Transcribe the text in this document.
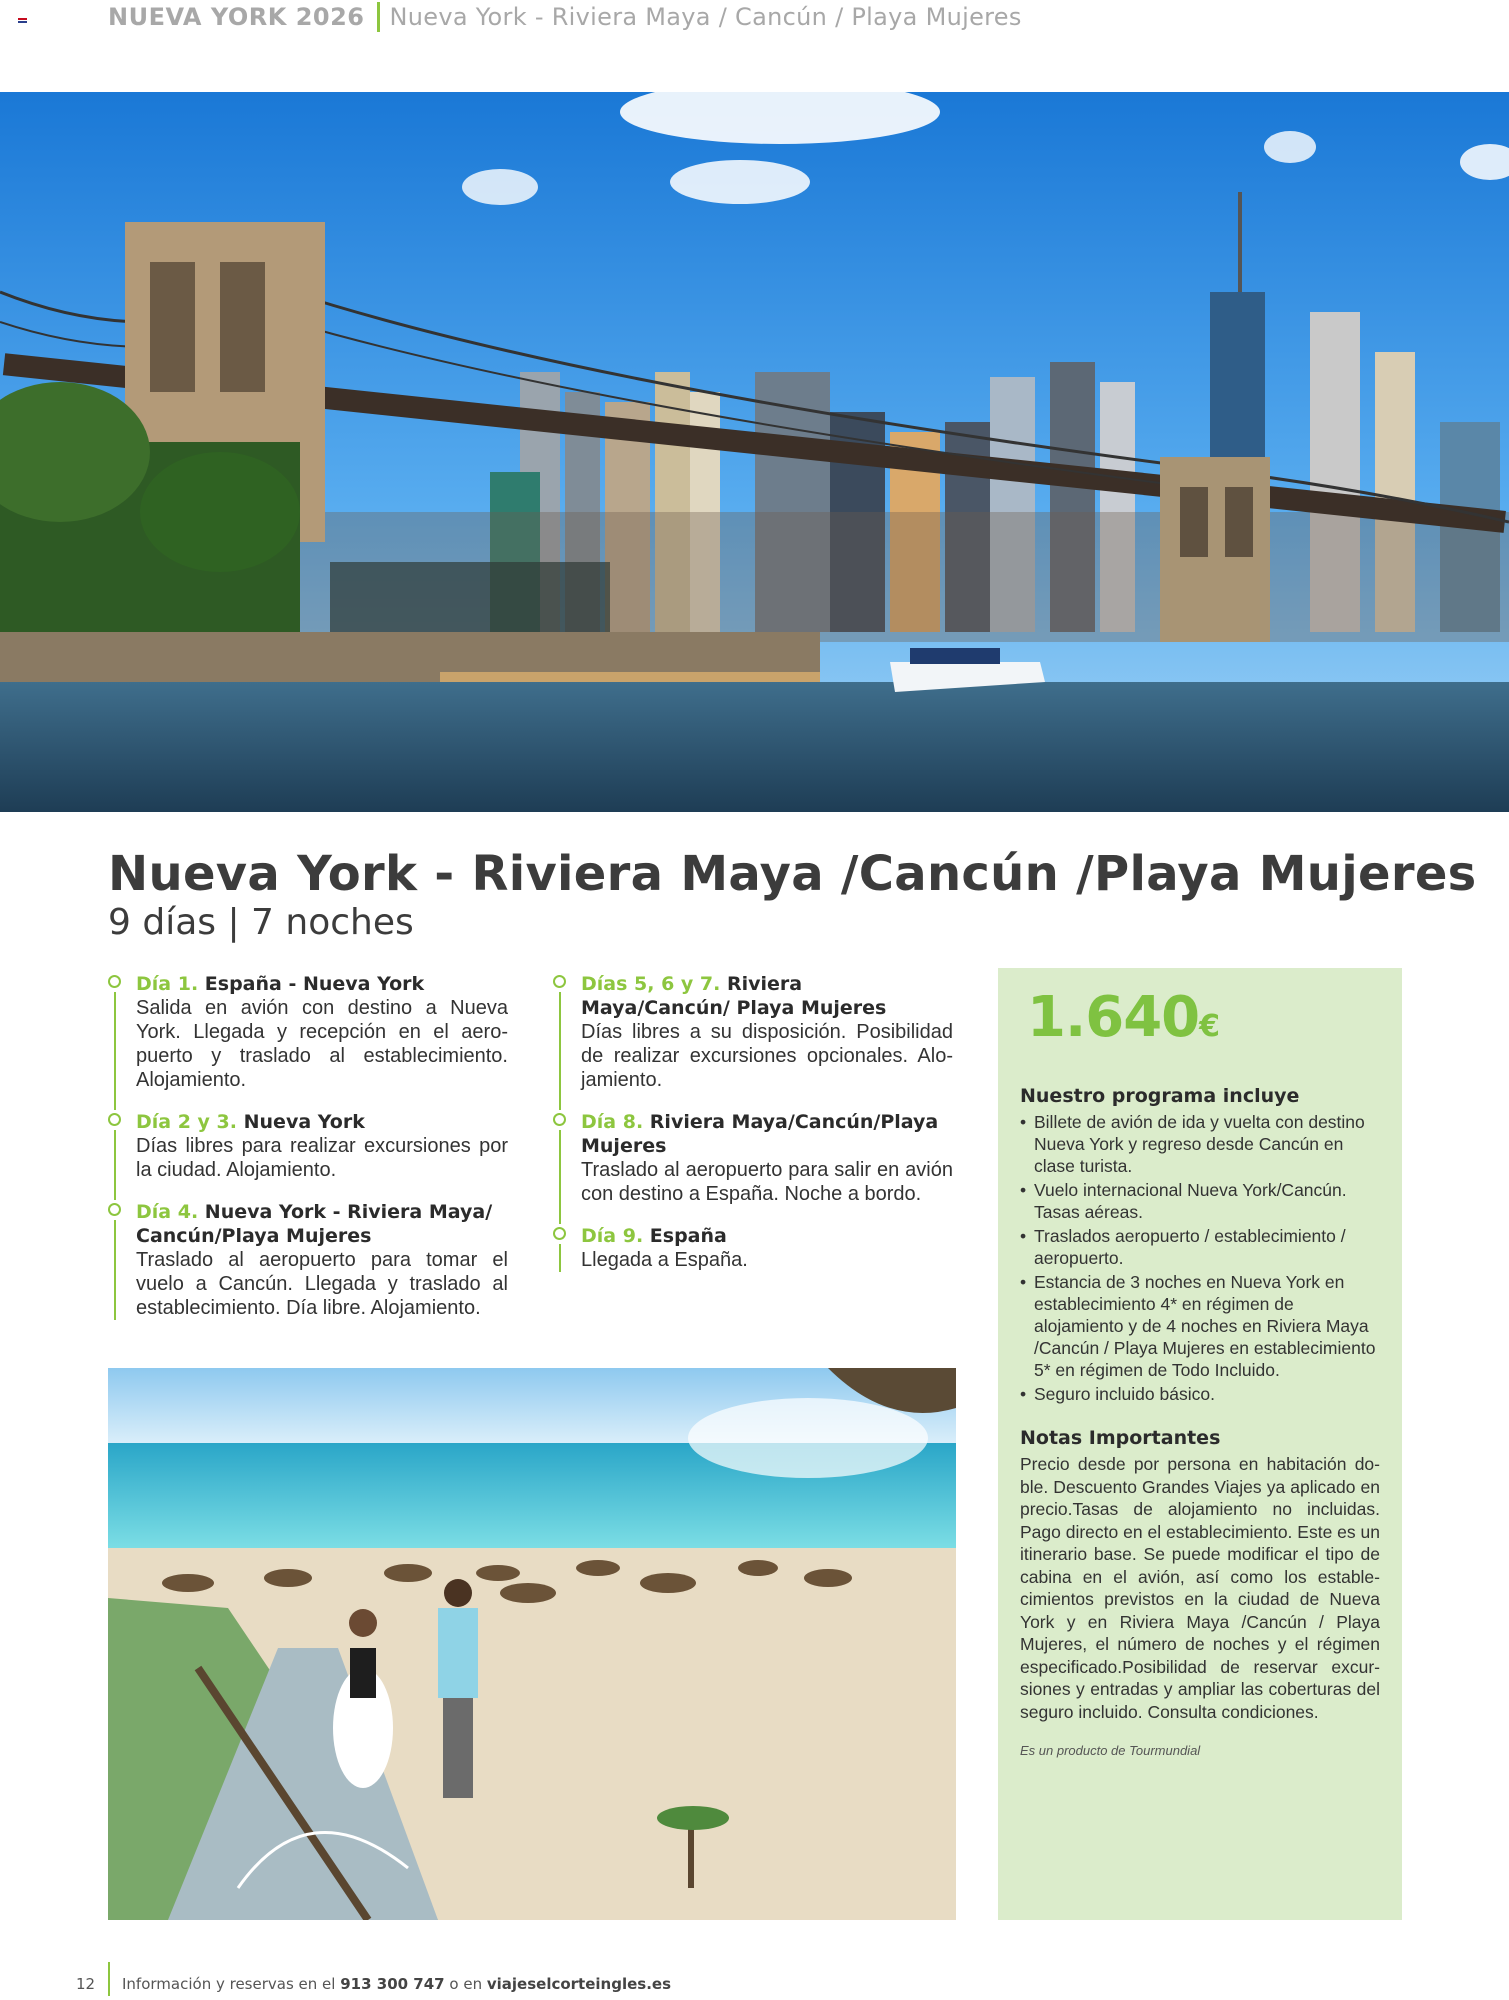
NUEVA YORK 2026 Nueva York - Riviera Maya / Cancún / Playa Mujeres
Nueva York - Riviera Maya /Cancún /Playa Mujeres
9 días | 7 noches
Día 1. España - Nueva York
Salida en avión con destino a Nueva York. Llegada y recepción en el aero-puerto y traslado al establecimiento. Alojamiento.
Día 2 y 3. Nueva York
Días libres para realizar excursiones por la ciudad. Alojamiento.
Día 4. Nueva York - Riviera Maya/ Cancún/Playa Mujeres
Traslado al aeropuerto para tomar el vuelo a Cancún. Llegada y traslado al establecimiento. Día libre. Alojamiento.
Días 5, 6 y 7. Riviera Maya/Cancún/ Playa Mujeres
Días libres a su disposición. Posibilidad de realizar excursiones opcionales. Alo-jamiento.
Día 8. Riviera Maya/Cancún/Playa Mujeres
Traslado al aeropuerto para salir en avión con destino a España. Noche a bordo.
Día 9. España
Llegada a España.
1.640€
Nuestro programa incluye
• Billete de avión de ida y vuelta con destino Nueva York y regreso desde Cancún en clase turista.
• Vuelo internacional Nueva York/Cancún. Tasas aéreas.
• Traslados aeropuerto / establecimiento / aeropuerto.
• Estancia de 3 noches en Nueva York en establecimiento 4* en régimen de alojamiento y de 4 noches en Riviera Maya /Cancún / Playa Mujeres en establecimiento 5* en régimen de Todo Incluido.
• Seguro incluido básico.
Notas Importantes
Precio desde por persona en habitación do-ble. Descuento Grandes Viajes ya aplicado en precio.Tasas de alojamiento no incluidas. Pago directo en el establecimiento. Este es un itinerario base. Se puede modificar el tipo de cabina en el avión, así como los estable-cimientos previstos en la ciudad de Nueva York y en Riviera Maya /Cancún / Playa Mujeres, el número de noches y el régimen especificado.Posibilidad de reservar excur-siones y entradas y ampliar las coberturas del seguro incluido. Consulta condiciones.
Es un producto de Tourmundial
12 Información y reservas en el 913 300 747 o en viajeselcorteingles.es
